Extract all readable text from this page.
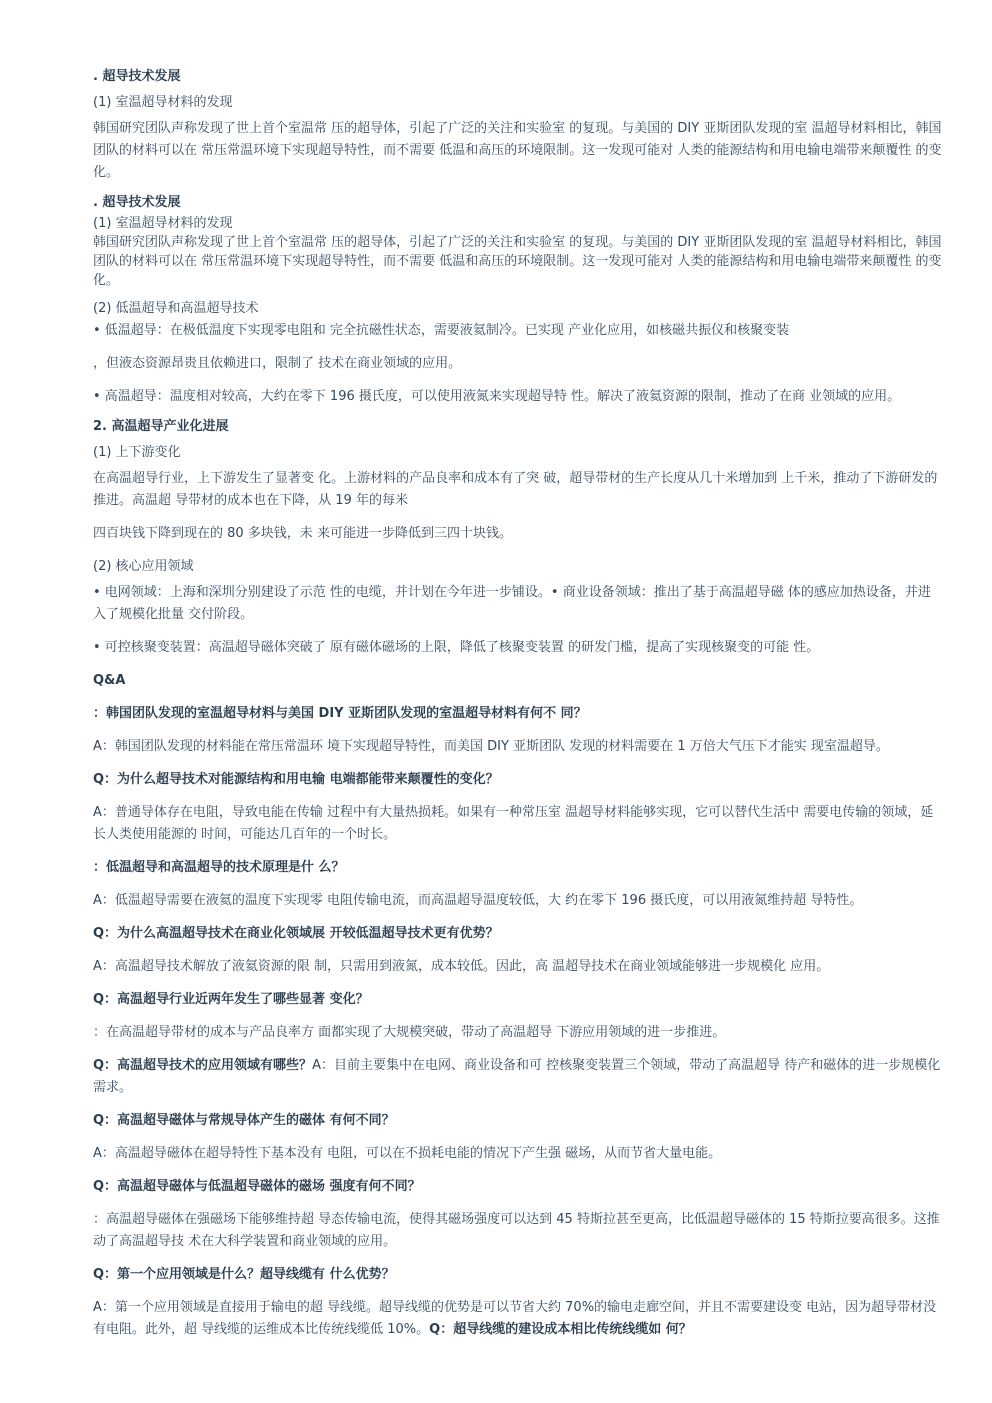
. 超导技术发展
(1) 室温超导材料的发现
韩国研究团队声称发现了世上首个室温常 压的超导体，引起了广泛的关注和实验室 的复现。与美国的 DIY 亚斯团队发现的室 温超导材料相比，韩国团队的材料可以在 常压常温环境下实现超导特性，而不需要 低温和高压的环境限制。这一发现可能对 人类的能源结构和用电输电端带来颠覆性 的变化。
. 超导技术发展
(1) 室温超导材料的发现
韩国研究团队声称发现了世上首个室温常 压的超导体，引起了广泛的关注和实验室 的复现。与美国的 DIY 亚斯团队发现的室 温超导材料相比，韩国团队的材料可以在 常压常温环境下实现超导特性，而不需要 低温和高压的环境限制。这一发现可能对 人类的能源结构和用电输电端带来颠覆性 的变化。
(2) 低温超导和高温超导技术
• 低温超导：在极低温度下实现零电阻和 完全抗磁性状态，需要液氦制冷。已实现 产业化应用，如核磁共振仪和核聚变装
，但液态资源昂贵且依赖进口，限制了 技术在商业领域的应用。
• 高温超导：温度相对较高，大约在零下 196 摄氏度，可以使用液氮来实现超导特 性。解决了液氦资源的限制，推动了在商 业领域的应用。
2. 高温超导产业化进展
(1) 上下游变化
在高温超导行业，上下游发生了显著变 化。上游材料的产品良率和成本有了突 破，超导带材的生产长度从几十米增加到 上千米，推动了下游研发的推进。高温超 导带材的成本也在下降，从 19 年的每米
四百块钱下降到现在的 80 多块钱，未 来可能进一步降低到三四十块钱。
(2) 核心应用领域
• 电网领域：上海和深圳分别建设了示范 性的电缆，并计划在今年进一步铺设。• 商业设备领域：推出了基于高温超导磁 体的感应加热设备，并进入了规模化批量 交付阶段。
• 可控核聚变装置：高温超导磁体突破了 原有磁体磁场的上限，降低了核聚变装置 的研发门槛，提高了实现核聚变的可能 性。
Q&A
：韩国团队发现的室温超导材料与美国 DIY 亚斯团队发现的室温超导材料有何不 同？
A：韩国团队发现的材料能在常压常温环 境下实现超导特性，而美国 DIY 亚斯团队 发现的材料需要在 1 万倍大气压下才能实 现室温超导。
Q：为什么超导技术对能源结构和用电输 电端都能带来颠覆性的变化？
A：普通导体存在电阻，导致电能在传输 过程中有大量热损耗。如果有一种常压室 温超导材料能够实现，它可以替代生活中 需要电传输的领域，延长人类使用能源的 时间，可能达几百年的一个时长。
：低温超导和高温超导的技术原理是什 么？
A：低温超导需要在液氦的温度下实现零 电阻传输电流，而高温超导温度较低，大 约在零下 196 摄氏度，可以用液氮维持超 导特性。
Q：为什么高温超导技术在商业化领域展 开较低温超导技术更有优势？
A：高温超导技术解放了液氦资源的限 制，只需用到液氮，成本较低。因此，高 温超导技术在商业领域能够进一步规模化 应用。
Q：高温超导行业近两年发生了哪些显著 变化？
：在高温超导带材的成本与产品良率方 面都实现了大规模突破，带动了高温超导 下游应用领域的进一步推进。
Q：高温超导技术的应用领域有哪些？A：目前主要集中在电网、商业设备和可 控核聚变装置三个领域，带动了高温超导 待产和磁体的进一步规模化需求。
Q：高温超导磁体与常规导体产生的磁体 有何不同？
A：高温超导磁体在超导特性下基本没有 电阻，可以在不损耗电能的情况下产生强 磁场，从而节省大量电能。
Q：高温超导磁体与低温超导磁体的磁场 强度有何不同？
：高温超导磁体在强磁场下能够维持超 导态传输电流，使得其磁场强度可以达到 45 特斯拉甚至更高，比低温超导磁体的 15 特斯拉要高很多。这推动了高温超导技 术在大科学装置和商业领域的应用。
Q：第一个应用领域是什么？超导线缆有 什么优势？
A：第一个应用领域是直接用于输电的超 导线缆。超导线缆的优势是可以节省大约 70%的输电走廊空间，并且不需要建设变 电站，因为超导带材没有电阻。此外，超 导线缆的运维成本比传统线缆低 10%。Q：超导线缆的建设成本相比传统线缆如 何？
